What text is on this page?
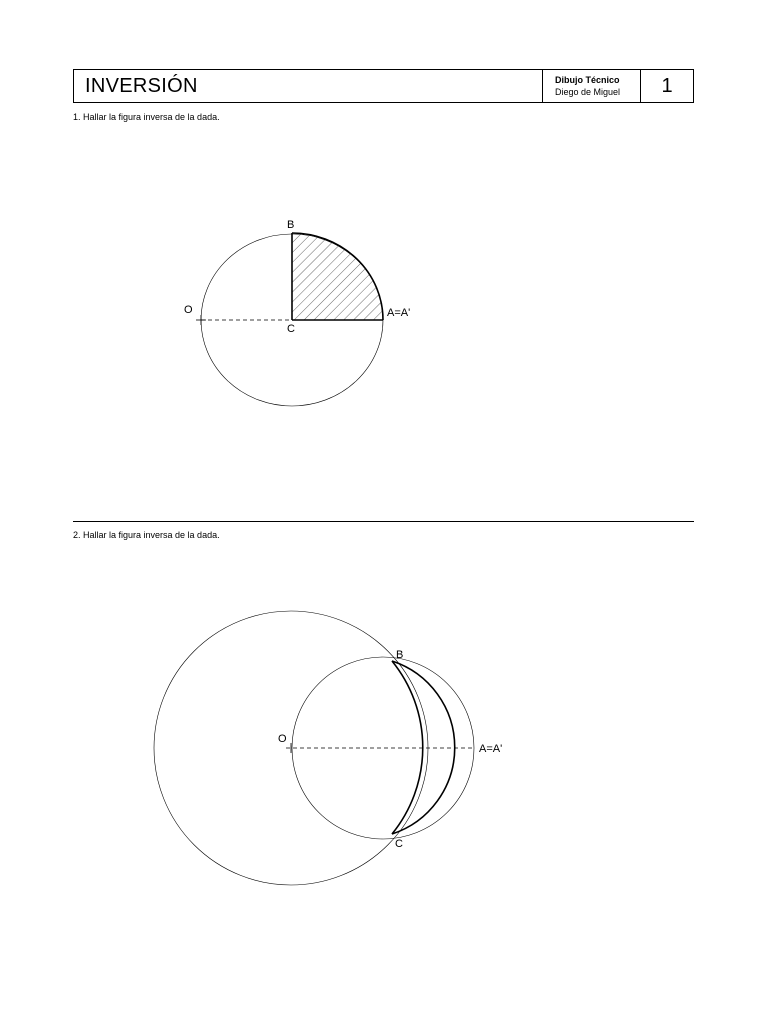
INVERSIÓN	Dibujo Técnico
Diego de Miguel	1
1. Hallar la figura inversa de la dada.
2. Hallar la figura inversa de la dada.
B
O
C
A=A'
B
O
C
A=A'
